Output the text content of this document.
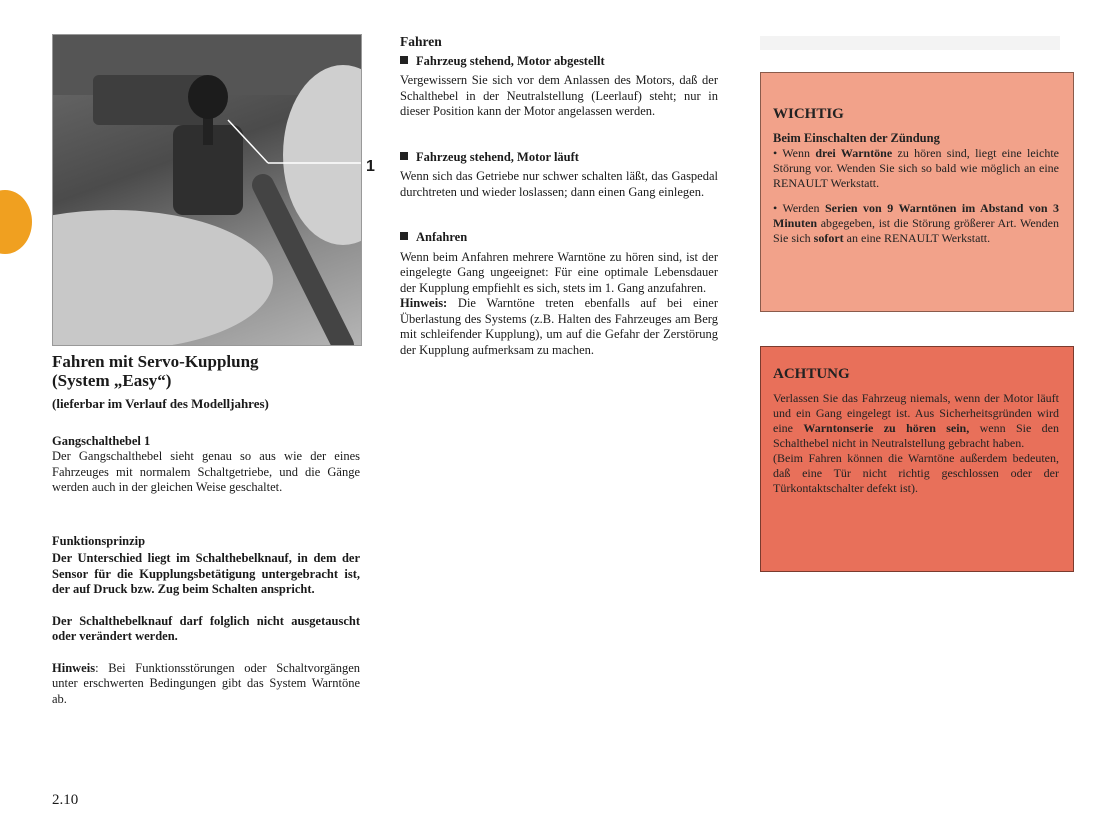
1
Fahren mit Servo-Kupplung
(System „Easy“)
(lieferbar im Verlauf des Modelljahres)
Gangschalthebel 1

Der Gangschalthebel sieht genau so aus wie der eines Fahrzeuges mit normalem Schaltgetriebe, und die Gänge werden auch in der gleichen Weise geschaltet.

Funktionsprinzip

Der Unterschied liegt im Schalthebelknauf, in dem der Sensor für die Kupplungsbetätigung untergebracht ist, der auf Druck bzw. Zug beim Schalten anspricht.

Der Schalthebelknauf darf folglich nicht ausgetauscht oder verändert werden.

Hinweis: Bei Funktionsstörungen oder Schaltvorgängen unter erschwerten Bedingungen gibt das System Warntöne ab.

Fahren
Fahrzeug stehend, Motor abgestellt

Vergewissern Sie sich vor dem Anlassen des Motors, daß der Schalthebel in der Neutralstellung (Leerlauf) steht; nur in dieser Position kann der Motor angelassen werden.

Fahrzeug stehend, Motor läuft

Wenn sich das Getriebe nur schwer schalten läßt, das Gaspedal durchtreten und wieder loslassen; dann einen Gang einlegen.

Anfahren

Wenn beim Anfahren mehrere Warntöne zu hören sind, ist der eingelegte Gang ungeeignet: Für eine optimale Lebensdauer der Kupplung empfiehlt es sich, stets im 1. Gang anzufahren.

Hinweis: Die Warntöne treten ebenfalls auf bei einer Überlastung des Systems (z.B. Halten des Fahrzeuges am Berg mit schleifender Kupplung), um auf die Gefahr der Zerstörung der Kupplung aufmerksam zu machen.

WICHTIG
Beim Einschalten der Zündung

• Wenn drei Warntöne zu hören sind, liegt eine leichte Störung vor. Wenden Sie sich so bald wie möglich an eine RENAULT Werkstatt.

• Werden Serien von 9 Warntönen im Abstand von 3 Minuten abgegeben, ist die Störung größerer Art. Wenden Sie sich sofort an eine RENAULT Werkstatt.

ACHTUNG

Verlassen Sie das Fahrzeug niemals, wenn der Motor läuft und ein Gang eingelegt ist. Aus Sicherheitsgründen wird eine Warntonserie zu hören sein, wenn Sie den Schalthebel nicht in Neutralstellung gebracht haben.

(Beim Fahren können die Warntöne außerdem bedeuten, daß eine Tür nicht richtig geschlossen oder der Türkontaktschalter defekt ist).

2.10
